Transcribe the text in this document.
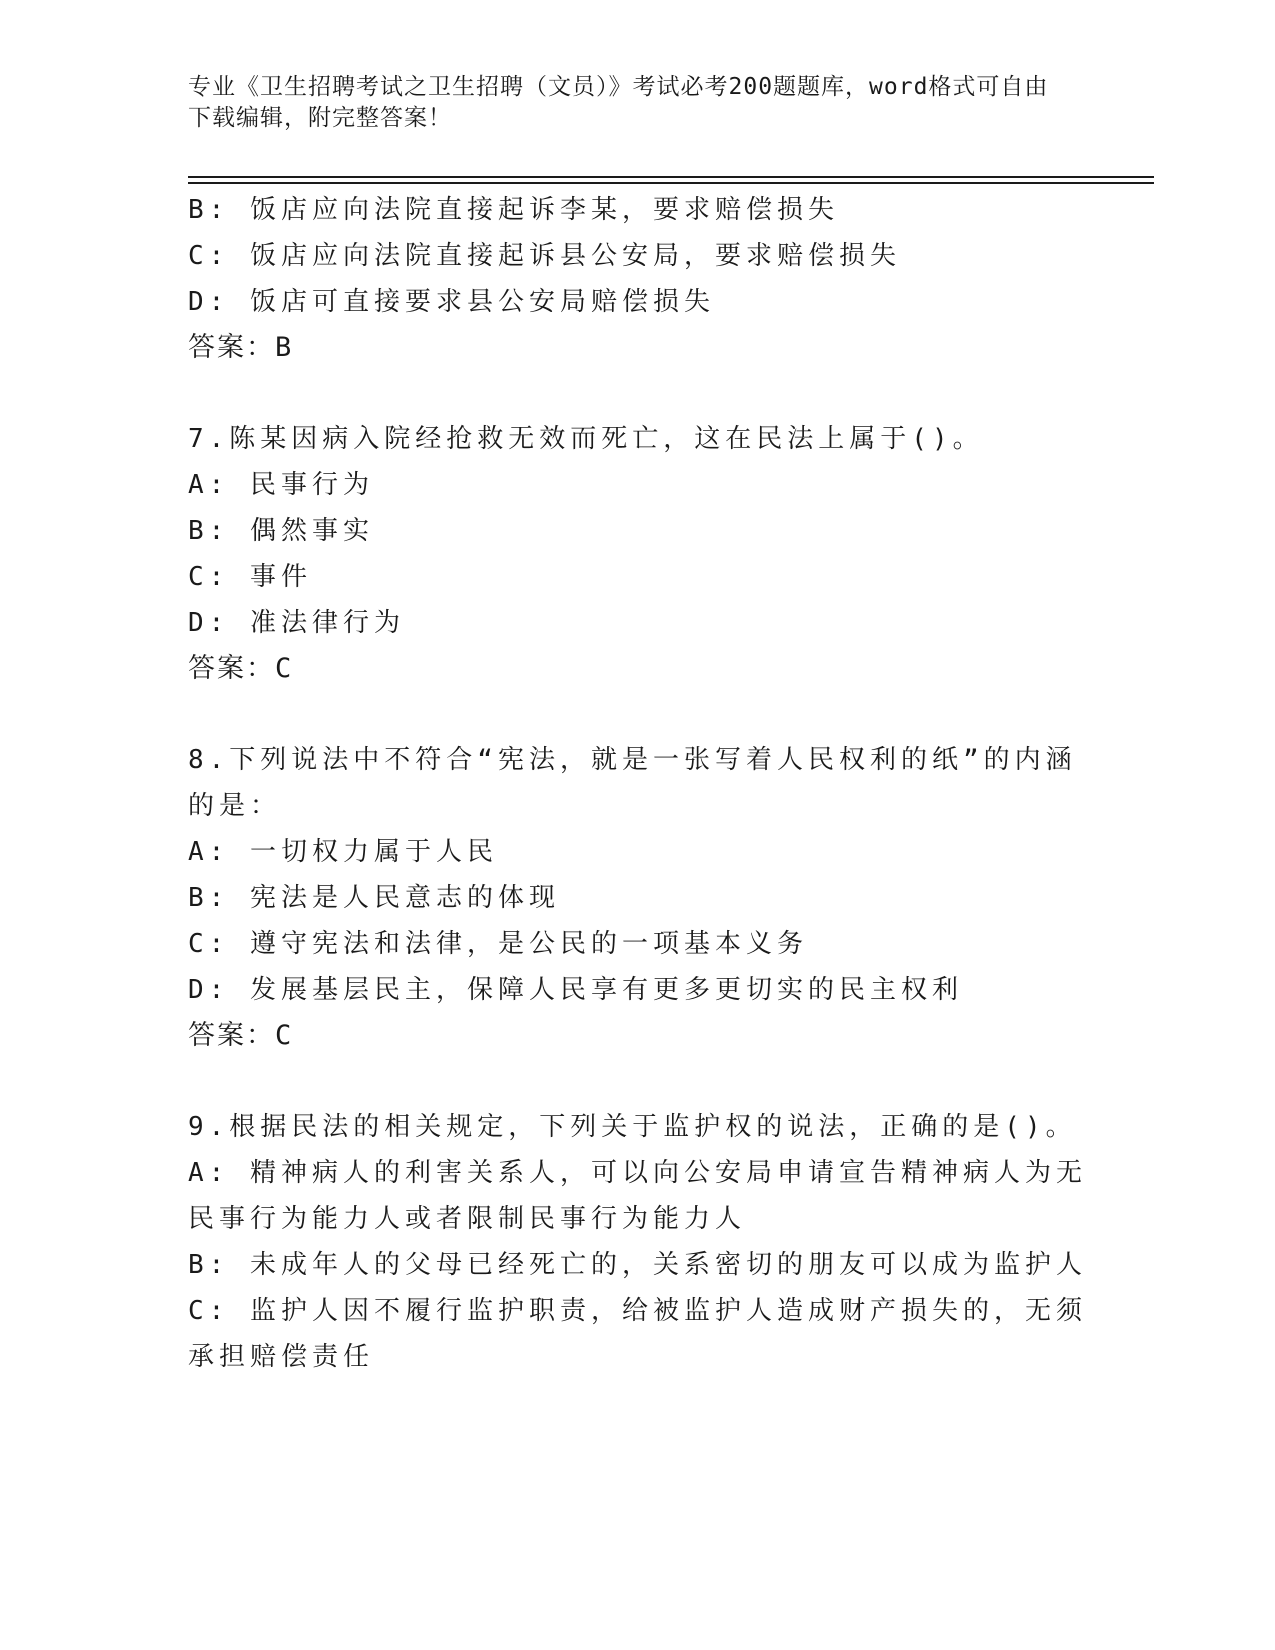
专业《卫生招聘考试之卫生招聘（文员）》考试必考200题题库，word格式可自由下载编辑，附完整答案！
B: 饭店应向法院直接起诉李某，要求赔偿损失
C: 饭店应向法院直接起诉县公安局，要求赔偿损失
D: 饭店可直接要求县公安局赔偿损失
答案：B
7.陈某因病入院经抢救无效而死亡，这在民法上属于()。
A: 民事行为
B: 偶然事实
C: 事件
D: 准法律行为
答案：C
8.下列说法中不符合“宪法，就是一张写着人民权利的纸”的内涵的是：
A: 一切权力属于人民
B: 宪法是人民意志的体现
C: 遵守宪法和法律，是公民的一项基本义务
D: 发展基层民主，保障人民享有更多更切实的民主权利
答案：C
9.根据民法的相关规定，下列关于监护权的说法，正确的是()。
A: 精神病人的利害关系人，可以向公安局申请宣告精神病人为无民事行为能力人或者限制民事行为能力人
B: 未成年人的父母已经死亡的，关系密切的朋友可以成为监护人
C: 监护人因不履行监护职责，给被监护人造成财产损失的，无须承担赔偿责任
